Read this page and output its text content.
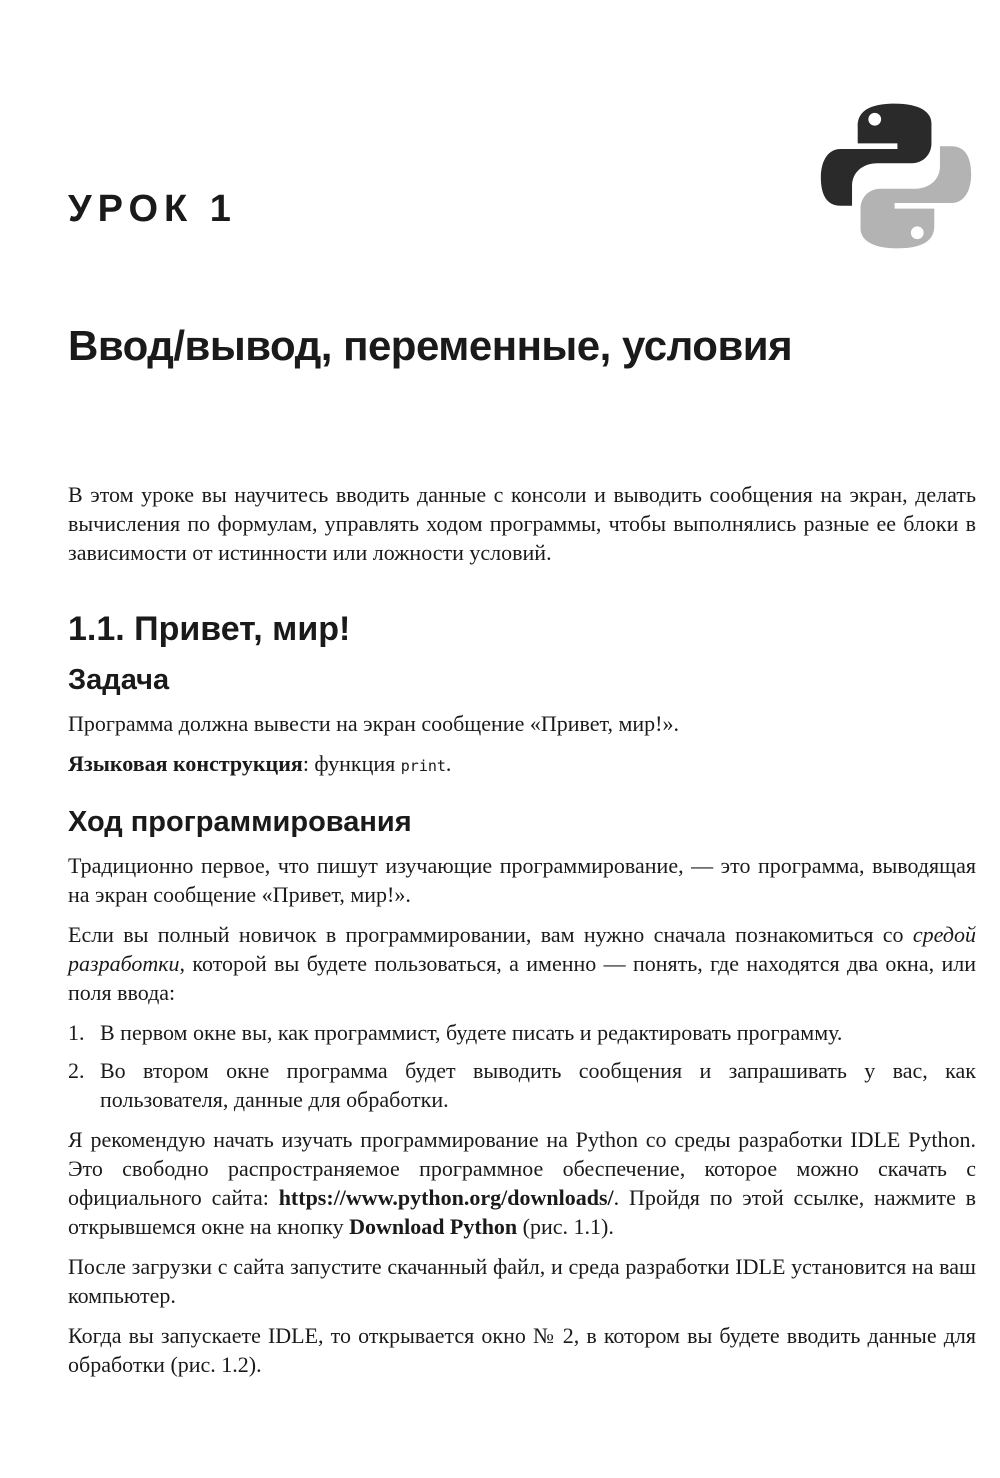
УРОК 1
Ввод/вывод, переменные, условия

В этом уроке вы научитесь вводить данные с консоли и выводить сообщения на экран, делать вычисления по формулам, управлять ходом программы, чтобы выполнялись разные ее блоки в зависимости от истинности или ложности условий.

1.1. Привет, мир!
Задача

Программа должна вывести на экран сообщение «Привет, мир!».

Языковая конструкция: функция print.

Ход программирования

Традиционно первое, что пишут изучающие программирование, — это программа, выводящая на экран сообщение «Привет, мир!».

Если вы полный новичок в программировании, вам нужно сначала познакомиться со средой разработки, которой вы будете пользоваться, а именно — понять, где находятся два окна, или поля ввода:

1. В первом окне вы, как программист, будете писать и редактировать программу.
2. Во втором окне программа будет выводить сообщения и запрашивать у вас, как пользователя, данные для обработки.

Я рекомендую начать изучать программирование на Python со среды разработки IDLE Python. Это свободно распространяемое программное обеспечение, которое можно скачать с официального сайта: https://www.python.org/downloads/. Пройдя по этой ссылке, нажмите в открывшемся окне на кнопку Download Python (рис. 1.1).

После загрузки с сайта запустите скачанный файл, и среда разработки IDLE установится на ваш компьютер.

Когда вы запускаете IDLE, то открывается окно № 2, в котором вы будете вводить данные для обработки (рис. 1.2).
